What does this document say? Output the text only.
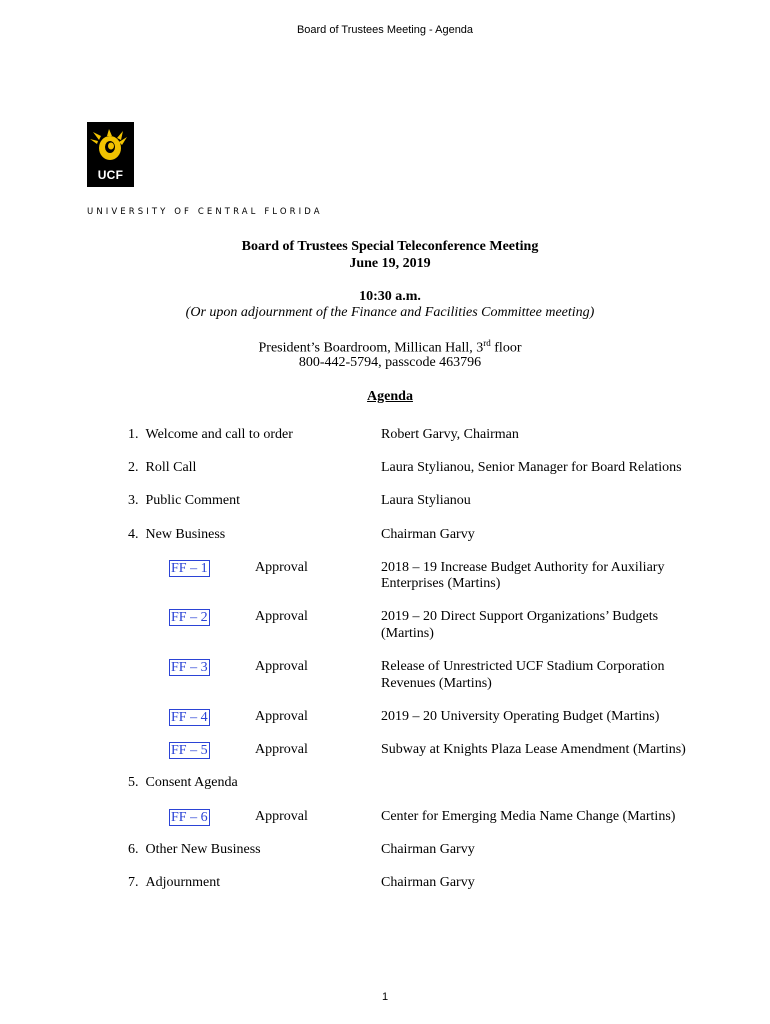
Board of Trustees Meeting - Agenda
UCF
UNIVERSITY OF CENTRAL FLORIDA
Board of Trustees Special Teleconference Meeting
June 19, 2019
10:30 a.m.
(Or upon adjournment of the Finance and Facilities Committee meeting)
President’s Boardroom, Millican Hall, 3rd floor
800-442-5794, passcode 463796
Agenda
1. Welcome and call to order	Robert Garvy, Chairman
2. Roll Call	Laura Stylianou, Senior Manager for Board Relations
3. Public Comment	Laura Stylianou
4. New Business	Chairman Garvy
FF – 1	Approval	2018 – 19 Increase Budget Authority for Auxiliary
Enterprises (Martins)
FF – 2	Approval	2019 – 20 Direct Support Organizations’ Budgets
(Martins)
FF – 3	Approval	Release of Unrestricted UCF Stadium Corporation
Revenues (Martins)
FF – 4	Approval	2019 – 20 University Operating Budget (Martins)
FF – 5	Approval	Subway at Knights Plaza Lease Amendment (Martins)
5. Consent Agenda
FF – 6	Approval	Center for Emerging Media Name Change (Martins)
6. Other New Business	Chairman Garvy
7. Adjournment	Chairman Garvy
1
